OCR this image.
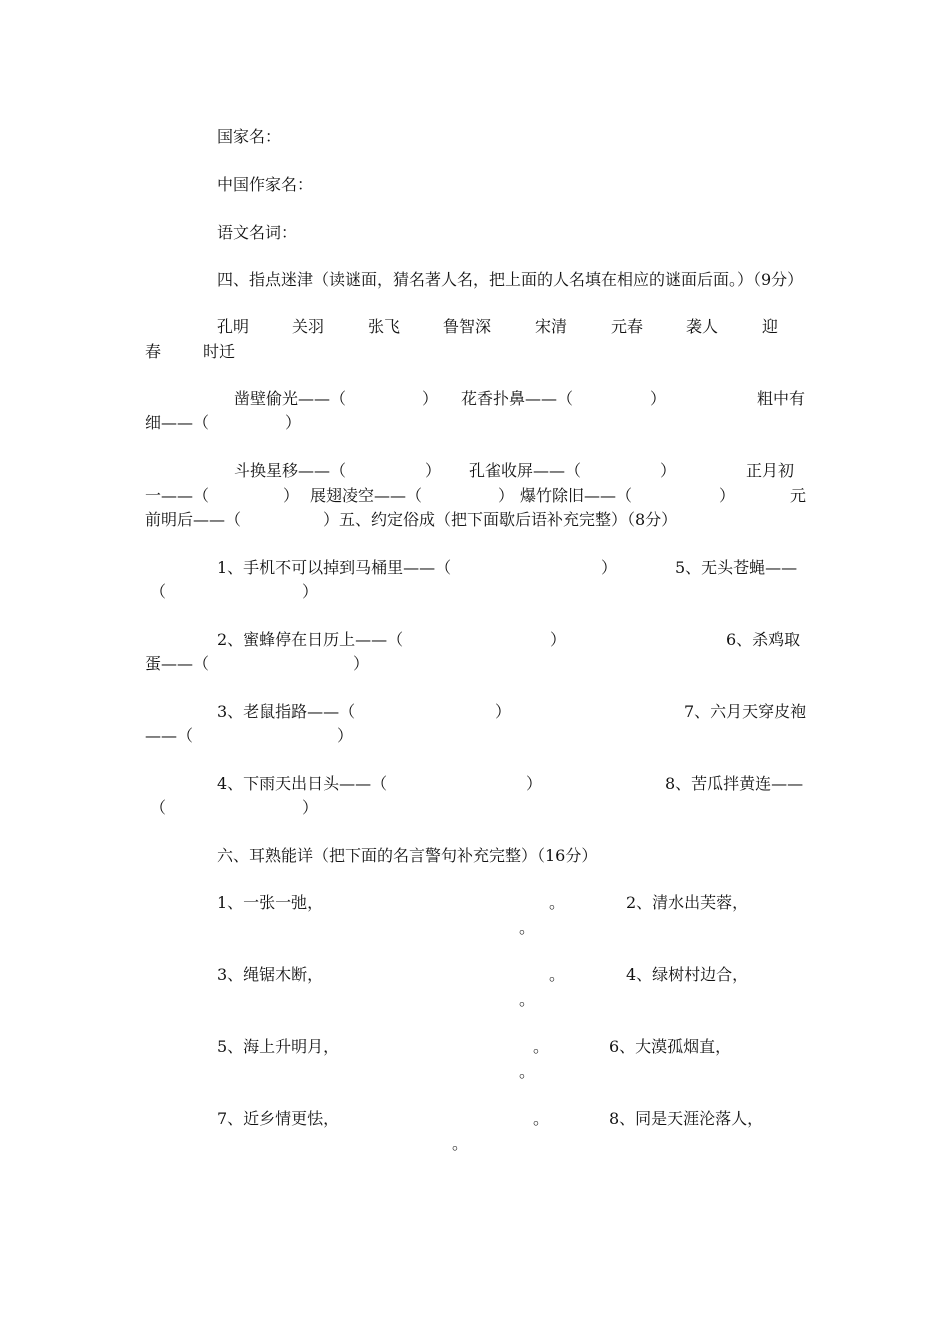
国家名：
中国作家名：
语文名词：
四、指点迷津（读谜面，猜名著人名，把上面的人名填在相应的谜面后面。）（9分）
孔明	关羽	张飞	鲁智深	宋清	元春	袭人	迎
春	时迁
凿壁偷光——（	） 花香扑鼻——（	）	粗中有
细——（	）
斗换星移——（	） 孔雀收屏——（	）	正月初
一——（	） 展翅凌空——（	） 爆竹除旧——（	）	元
前明后——（	）五、约定俗成（把下面歇后语补充完整）（8分）
1、手机不可以掉到马桶里——（	）	5、无头苍蝇——
（	）
2、蜜蜂停在日历上——（	）	6、杀鸡取
蛋——（	）
3、老鼠指路——（	）	7、六月天穿皮袍
——（	）
4、下雨天出日头——（	）	8、苦瓜拌黄连——
（	）
六、耳熟能详（把下面的名言警句补充完整）（16分）
1、一张一弛，	。	2、清水出芙蓉，
。
3、绳锯木断，	。	4、绿树村边合，
。
5、海上升明月，	。	6、大漠孤烟直，
。
7、近乡情更怯，	。	8、同是天涯沦落人，
。
